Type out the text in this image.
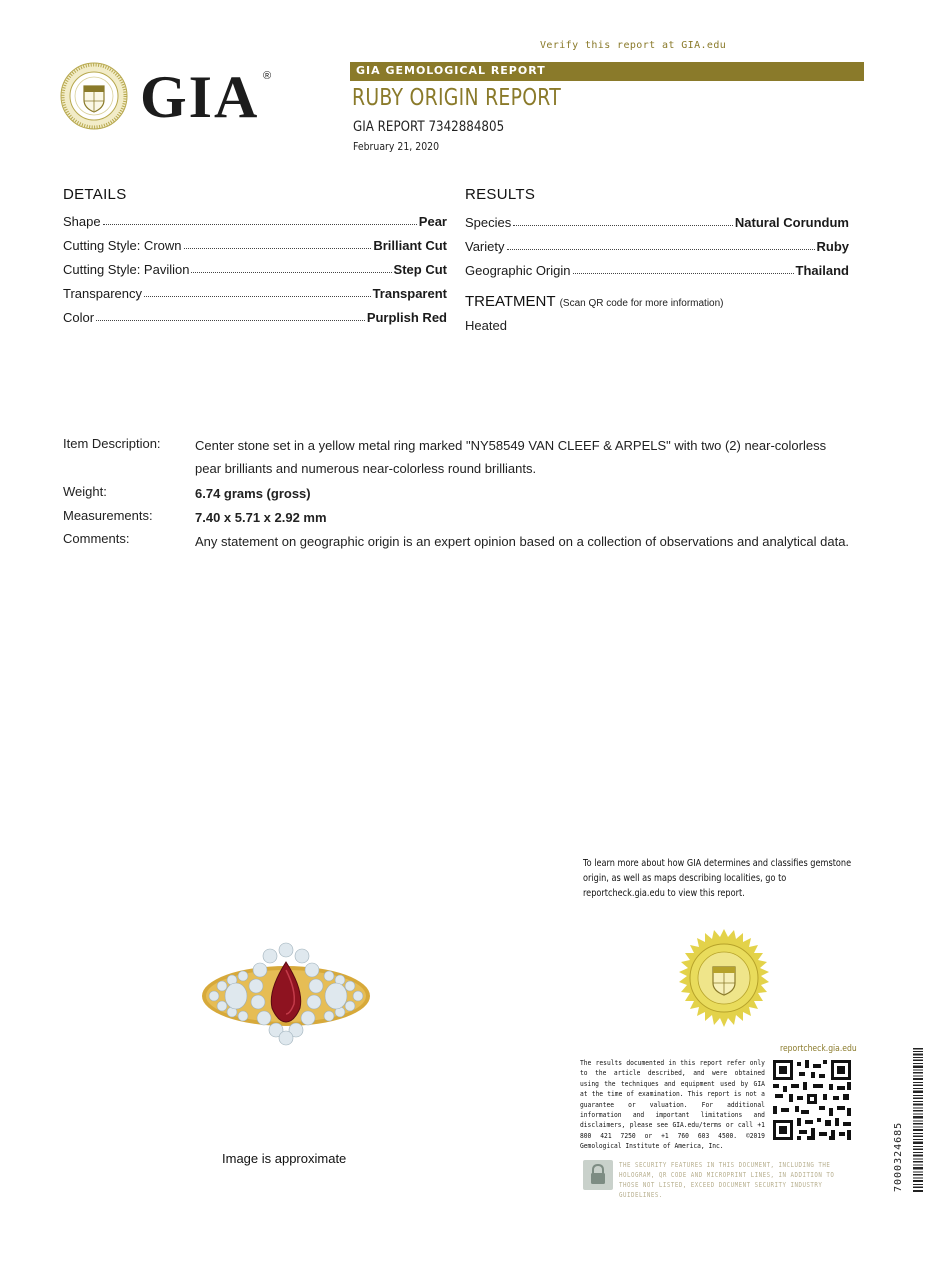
Verify this report at GIA.edu
GIA ®	GIA GEMOLOGICAL REPORT
RUBY ORIGIN REPORT
GIA REPORT 7342884805
February 21, 2020
DETAILS
Shape	Pear
Cutting Style: Crown	Brilliant Cut
Cutting Style: Pavilion	Step Cut
Transparency	Transparent
Color	Purplish Red
RESULTS
Species	Natural Corundum
Variety	Ruby
Geographic Origin	Thailand
TREATMENT (Scan QR code for more information)
Heated
Item Description:	Center stone set in a yellow metal ring marked "NY58549 VAN CLEEF & ARPELS" with two (2) near-colorless pear brilliants and numerous near-colorless round brilliants.
Weight:	6.74 grams (gross)
Measurements:	7.40 x 5.71 x 2.92 mm
Comments:	Any statement on geographic origin is an expert opinion based on a collection of observations and analytical data.
Image is approximate
To learn more about how GIA determines and classifies gemstone origin, as well as maps describing localities, go to reportcheck.gia.edu to view this report.
reportcheck.gia.edu
The results documented in this report refer only to the article described, and were obtained using the techniques and equipment used by GIA at the time of examination. This report is not a guarantee or valuation. For additional information and important limitations and disclaimers, please see GIA.edu/terms or call +1 800 421 7250 or +1 760 603 4500. ©2019 Gemological Institute of America, Inc.
THE SECURITY FEATURES IN THIS DOCUMENT, INCLUDING THE HOLOGRAM, QR CODE AND MICROPRINT LINES, IN ADDITION TO THOSE NOT LISTED, EXCEED DOCUMENT SECURITY INDUSTRY GUIDELINES.
7000324685
